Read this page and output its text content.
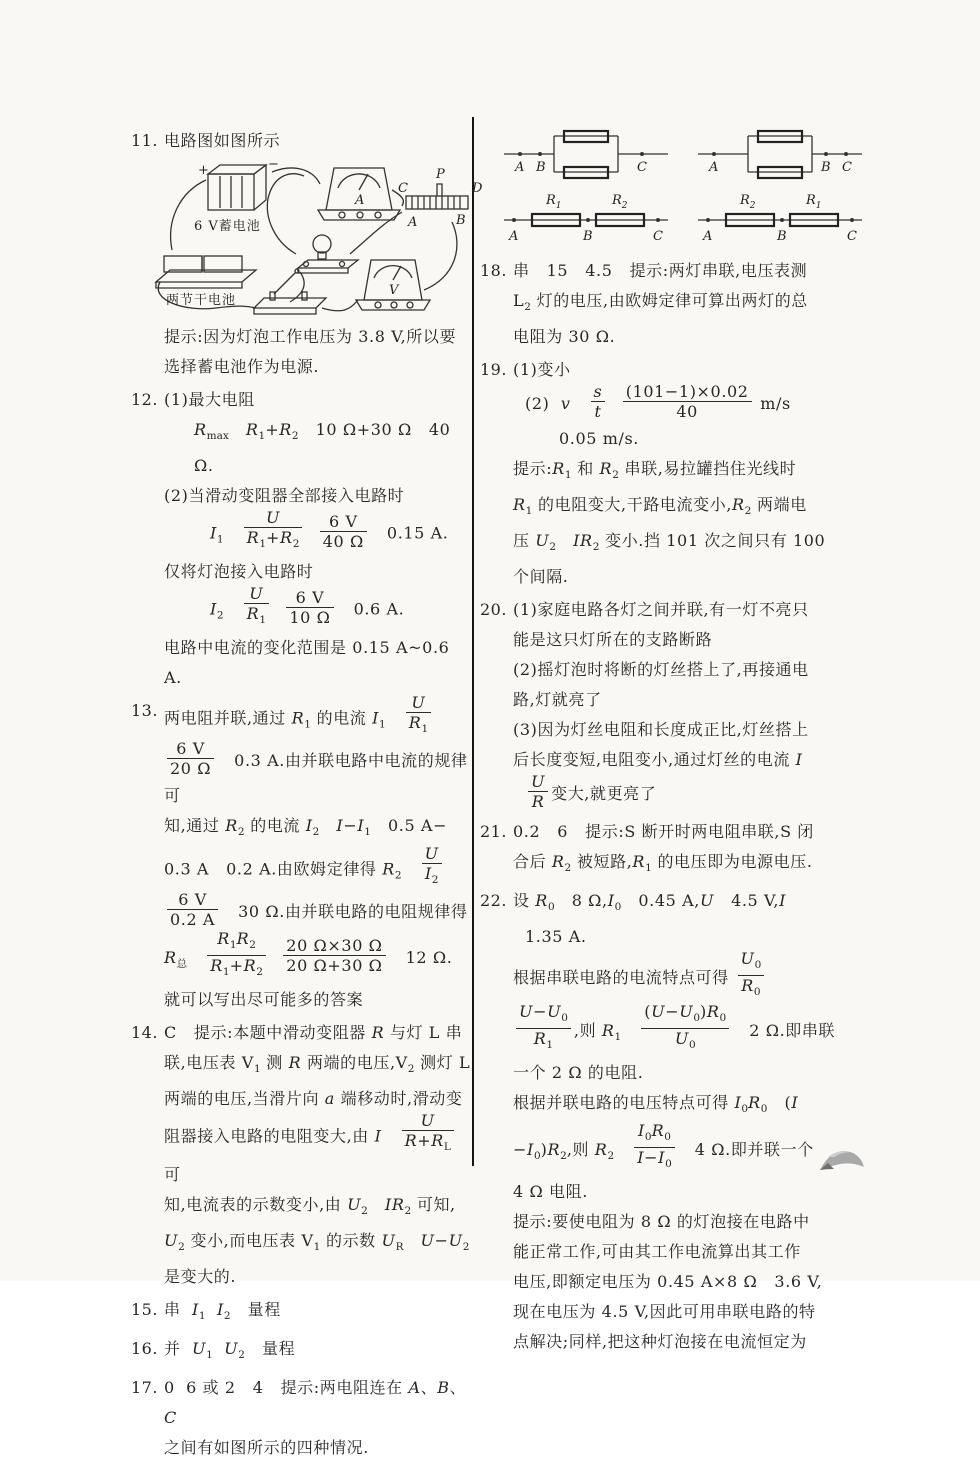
11. 电路图如图所示
+	−
6 V蓄电池
两节干电池
A
C
P
D
A	B
V
提示:因为灯泡工作电压为 3.8 V,所以要
选择蓄电池作为电源.
12. (1)最大电阻
$R_{max}$ $R_1+R_2$   10 Ω+30 Ω   40 Ω.
(2)当滑动变阻器全部接入电路时
$I_1 \frac{U}{R_1+R_2}$
$\frac{6 V}{40 \Omega} 0.15$ A.
仅将灯泡接入电路时
$I_2 \frac{U}{R_1}$
$\frac{6 V}{10 \Omega} 0.6$ A.
电路中电流的变化范围是 0.15 A~0.6 A.
13. 两电阻并联,通过 $R_1$ 的电流 $I_1 \frac{U}{R_1}$
$\frac{6 V}{20 \Omega} 0.3$ A.由并联电路中电流的规律可
知,通过 $R_2$ 的电流 $I_2$ $I-I_1$   0.5 A−
0.3 A   0.2 A.由欧姆定律得 $R_2 \frac{U}{I_2}$
$\frac{6 V}{0.2 A} 30$ Ω.由并联电路的电阻规律得
$R_总 \frac{R_1R_2}{R_1+R_2}$
$\frac{20 \Omega\times 30 \Omega}{20 \Omega+30 \Omega} 12$ Ω.
就可以写出尽可能多的答案
14. C   提示:本题中滑动变阻器 R 与灯 L 串
联,电压表 $V_1$ 测 R 两端的电压$,V_2$ 测灯 L
两端的电压,当滑片向 a 端移动时,滑动变
阻器接入电路的电阻变大,由 I $\frac{U}{R+R_L}$
可
知,电流表的示数变小,由 $U_2$ $IR_2$ 可知,
$U_2$ 变小,而电压表 $V_1$ 的示数 $U_R$ $U-U_2$
是变大的.
15. 串  $I_1$ $I_2$   量程
16. 并  $U_1$ $U_2$   量程
17. 0  6 或 2   4   提示:两电阻连在 A、B、C
之间有如图所示的四种情况.
A B	C	A	B C
$R_1$	$R_2$
A	B	C
$R_2$	$R_1$
A	B	C
18. 串   15   4.5   提示:两灯串联,电压表测
$L_2$ 灯的电压,由欧姆定律可算出两灯的总
电阻为 30 Ω.
19. (1)变小
(2)  v $\frac{s}{t}$
$\frac{(101-1)\times 0.02}{40} m/s$
0.05 m/s.
提示$:R_1$ 和 $R_2$ 串联,易拉罐挡住光线时
$R_1$ 的电阻变大,干路电流变小$,R_2$ 两端电
压 $U_2$ $IR_2$ 变小.挡 101 次之间只有 100
个间隔.
20. (1)家庭电路各灯之间并联,有一灯不亮只
能是这只灯所在的支路断路
(2)摇灯泡时将断的灯丝搭上了,再接通电
路,灯就亮了
(3)因为灯丝电阻和长度成正比,灯丝搭上
后长度变短,电阻变小,通过灯丝的电流 I
$\frac{U}{R}$ 变大,就更亮了
21. 0.2   6   提示:S 断开时两电阻串联,S 闭
合后 $R_2$ 被短路$,R_1$ 的电压即为电源电压.
22. 设 $R_0$   8 $\Omega,I_0$   0.45 A,U   4.5 V,I
1.35 A.
根据串联电路的电流特点可得 $\frac{U_0}{R_0}$
$\frac{U-U_0}{R_1}$ ,则 $R_1 \frac{(U-U_0)R_0}{U_0} 2$ Ω.即串联
一个 2 Ω 的电阻.
根据并联电路的电压特点可得 $I_0R_0$   (I
$-I_0)R_2$,则 $R_2 \frac{I_0R_0}{I-I_0} 4$ Ω.即并联一个
4 Ω 电阻.
提示:要使电阻为 8 Ω 的灯泡接在电路中
能正常工作,可由其工作电流算出其工作
电压,即额定电压为 0.45 A×8 Ω   3.6 V,
现在电压为 4.5 V,因此可用串联电路的特
点解决;同样,把这种灯泡接在电流恒定为
